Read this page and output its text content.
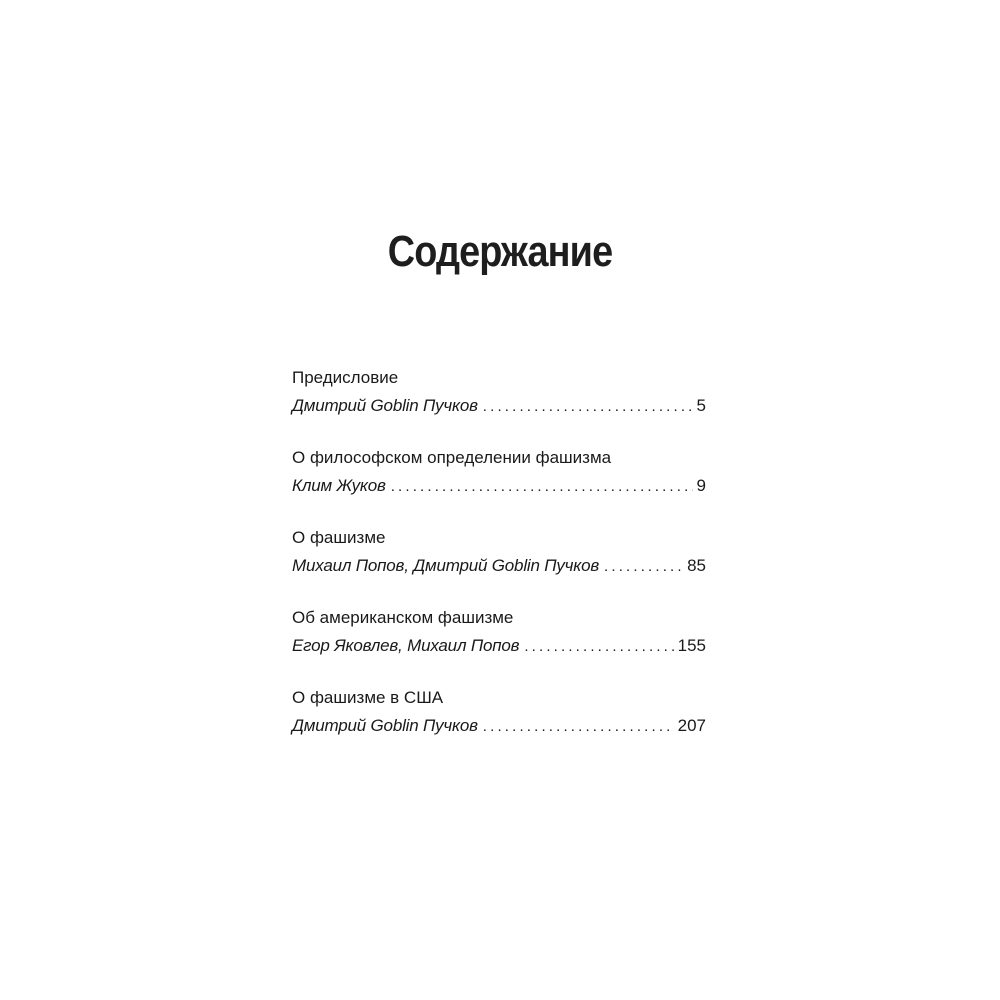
Содержание
Предисловие
Дмитрий Goblin Пучков . . .	5
О философском определении фашизма
Клим Жуков . . .	9
О фашизме
Михаил Попов, Дмитрий Goblin Пучков . . .	85
Об американском фашизме
Егор Яковлев, Михаил Попов . . .	155
О фашизме в США
Дмитрий Goblin Пучков . . .	207
